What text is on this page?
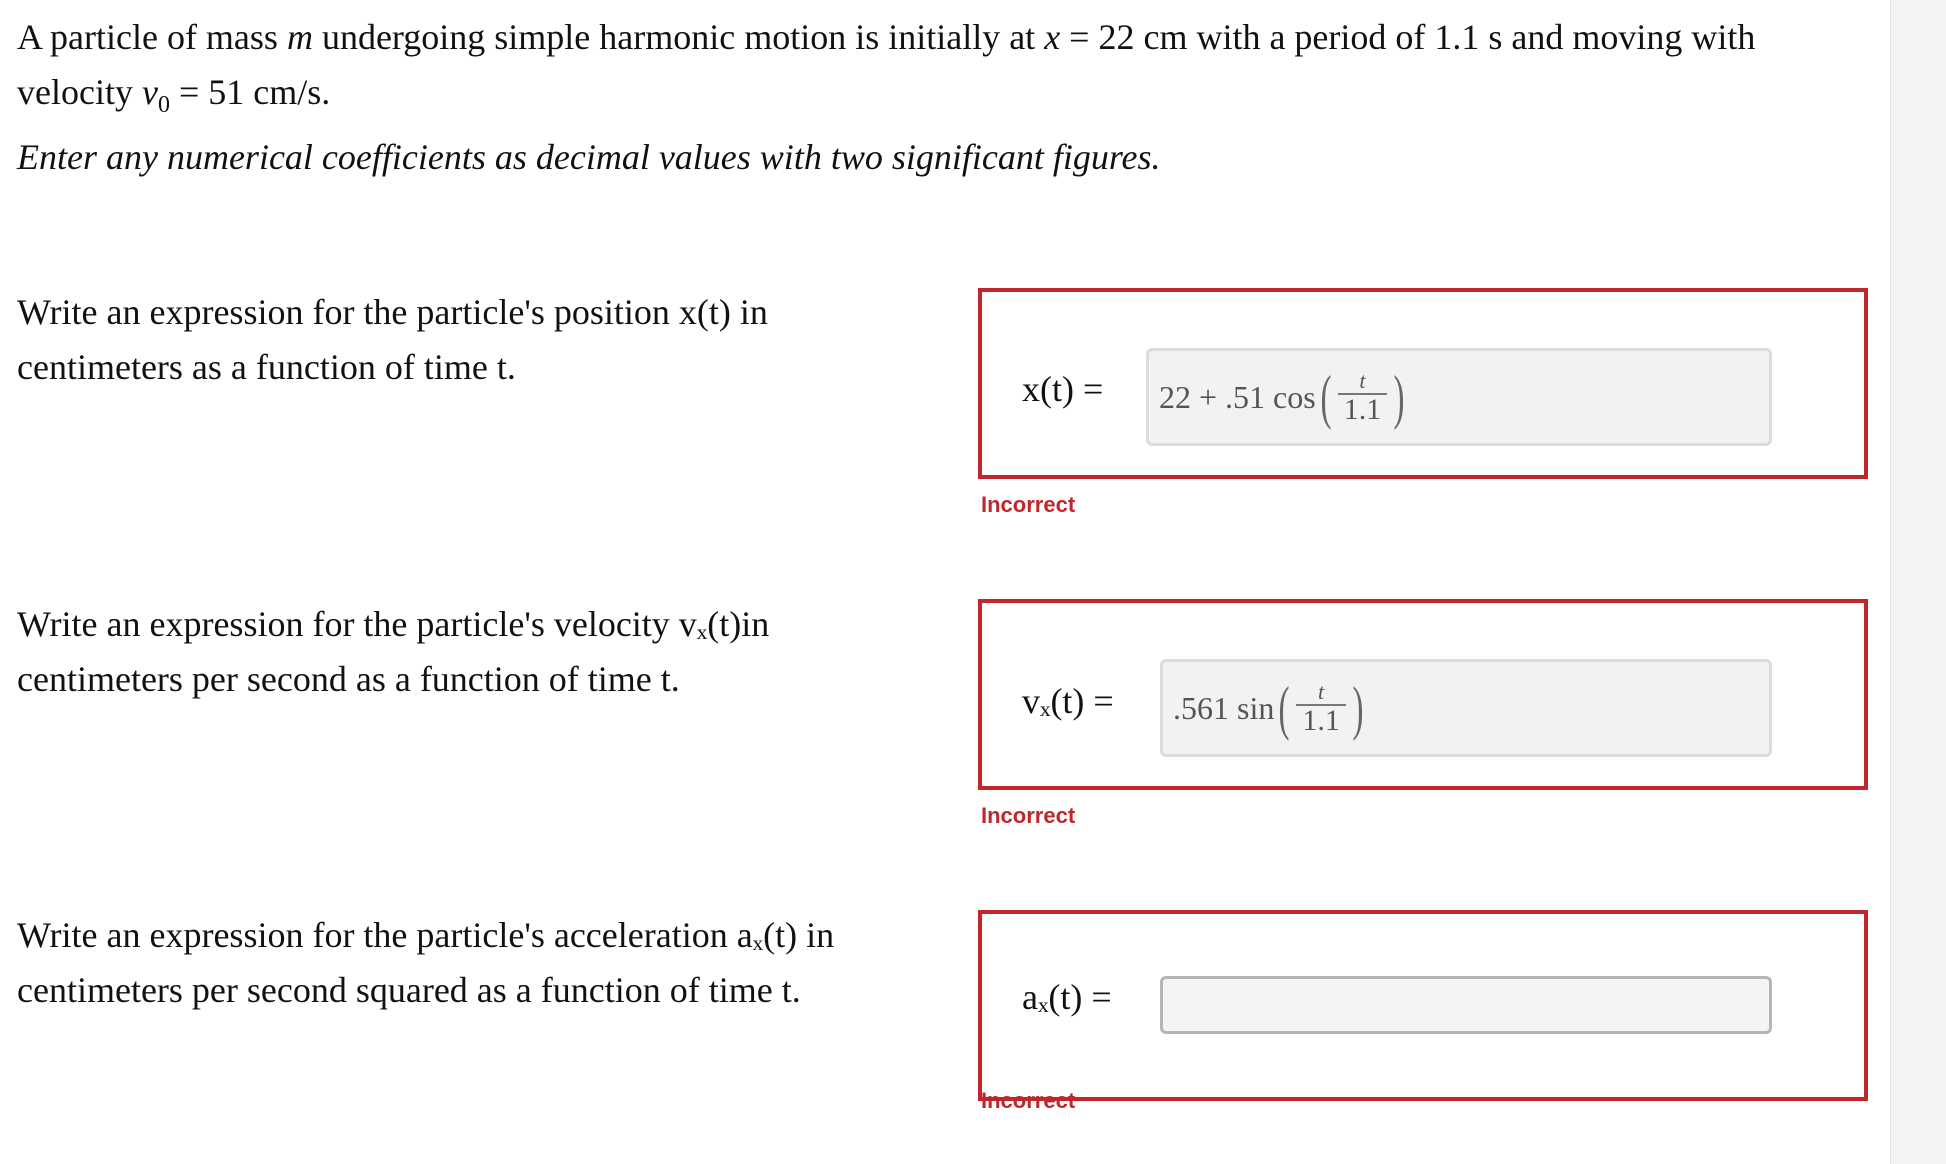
A particle of mass m undergoing simple harmonic motion is initially at x = 22 cm with a period of 1.1 s and moving with

velocity $v_0 = 51$ cm/s.

Enter any numerical coefficients as decimal values with two significant figures.

Write an expression for the particle's position x(t) in

centimeters as a function of time t.

x(t) = 22 + .51 cos ( $\frac{t}{1.1}$ )
Incorrect

Write an expression for the particle's velocity vₓ(t)in

centimeters per second as a function of time t.

vₓ(t) = .561 sin ( $\frac{t}{1.1}$ )
Incorrect

Write an expression for the particle's acceleration aₓ(t) in

centimeters per second squared as a function of time t.	aₓ(t) =
Incorrect
